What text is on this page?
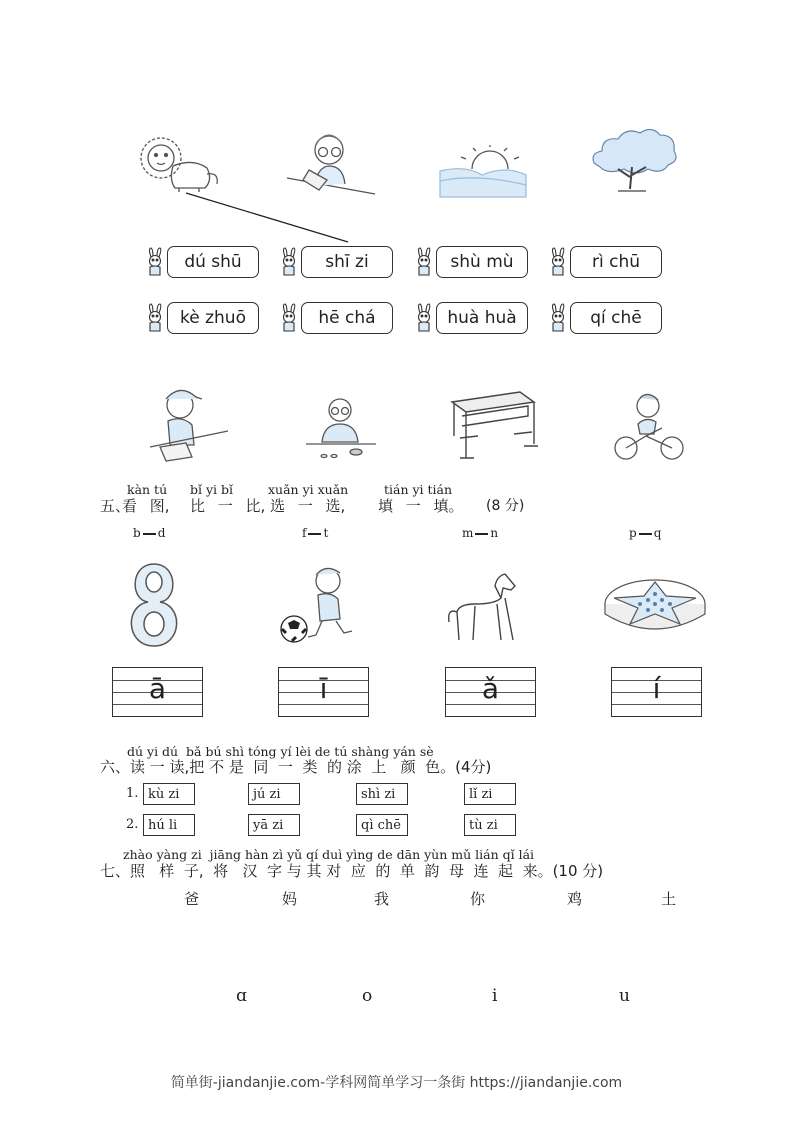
dú shū	shī zi	shù mù	rì chū
kè zhuō	hē chá	huà huà	qí chē
kàn tú bǐ yi bǐ	xuǎn yi xuǎn	tián yi tián
五、
看 图, 比 一 比, 选 一 选, 填 一 填。 (8 分)
b d	f t	m n	p q
ā	ī	ǎ	í
dú yi dú  bǎ bú shì tóng yí lèi de tú shàng yán sè
六、读 一 读,把 不 是  同  一  类  的 涂  上   颜  色。(4分)
1. kù zi	jú zi	shì zi	lǐ zi
2. hú li	yā zi	qì chē	tù zi
zhào yàng zi  jiāng hàn zì yǔ qí duì yìng de dān yùn mǔ lián qǐ lái
七、照   样  子,  将   汉  字 与 其 对  应  的  单  韵  母  连  起  来。(10 分)
爸	妈	我	你	鸡	土
ɑ	o	i	u
简单街-jiandanjie.com-学科网简单学习一条街 https://jiandanjie.com
